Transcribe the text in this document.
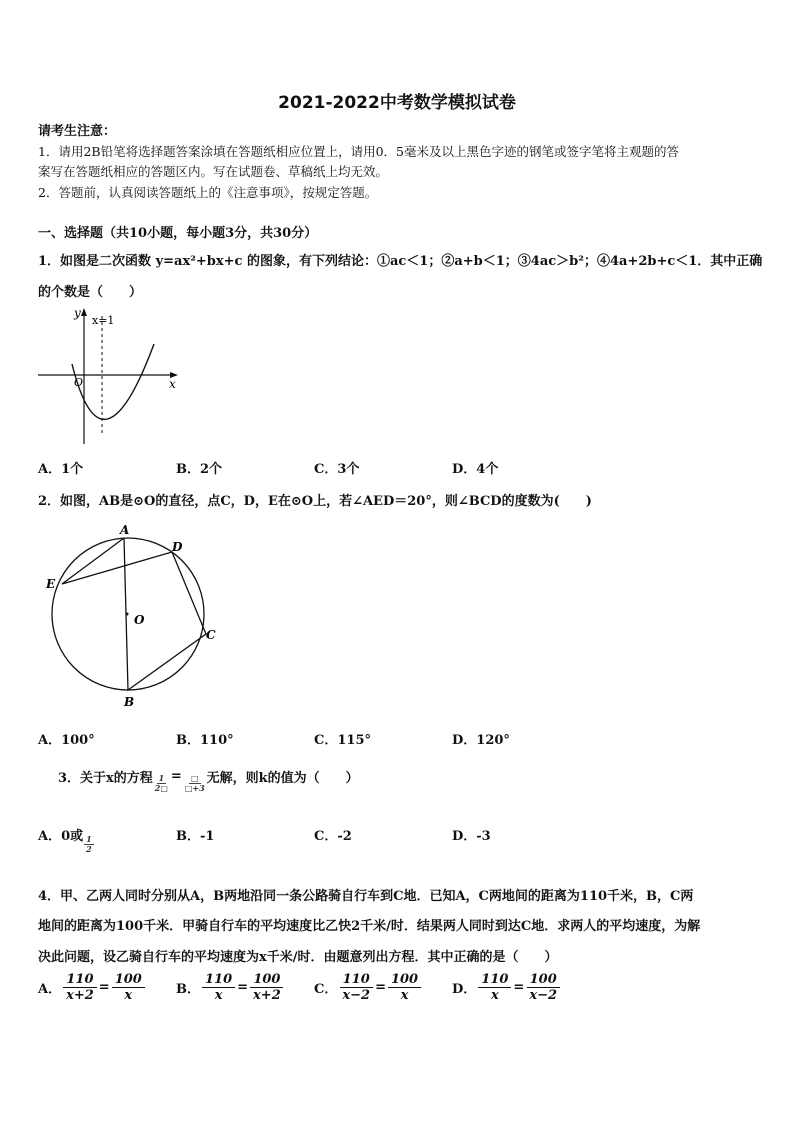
2021-2022中考数学模拟试卷
请考生注意：
1．请用2B铅笔将选择题答案涂填在答题纸相应位置上，请用0．5毫米及以上黑色字迹的钢笔或签字笔将主观题的答
案写在答题纸相应的答题区内。写在试题卷、草稿纸上均无效。
2．答题前，认真阅读答题纸上的《注意事项》，按规定答题。
一、选择题（共10小题，每小题3分，共30分）
1．如图是二次函数 y=ax²+bx+c 的图象，有下列结论：①ac＜1；②a+b＜1；③4ac＞b²；④4a+2b+c＜1．其中正确
的个数是（　　）
y
x=1
O	x
A．1个	B．2个	C．3个	D．4个
2．如图，AB是⊙O的直径，点C，D，E在⊙O上，若∠AED＝20°，则∠BCD的度数为(　　)
A
D
E
O
C
B
A．100°	B．110°	C．115°	D．120°
3．关于x的方程 $\frac{1}{2□} = \frac{□}{□+3}$ 无解，则k的值为（　　）
A．0或 $\frac{1}{2}$	B．-1	C．-2	D．-3
4．甲、乙两人同时分别从A，B两地沿同一条公路骑自行车到C地．已知A，C两地间的距离为110千米，B，C两
地间的距离为100千米．甲骑自行车的平均速度比乙快2千米/时．结果两人同时到达C地．求两人的平均速度，为解
决此问题，设乙骑自行车的平均速度为x千米/时．由题意列出方程．其中正确的是（　　）
A． $\frac{110}{x+2} = \frac{100}{x}$ B． $\frac{110}{x} = \frac{100}{x+2}$ C． $\frac{110}{x-2} = \frac{100}{x}$ D． $\frac{110}{x} = \frac{100}{x-2}$
